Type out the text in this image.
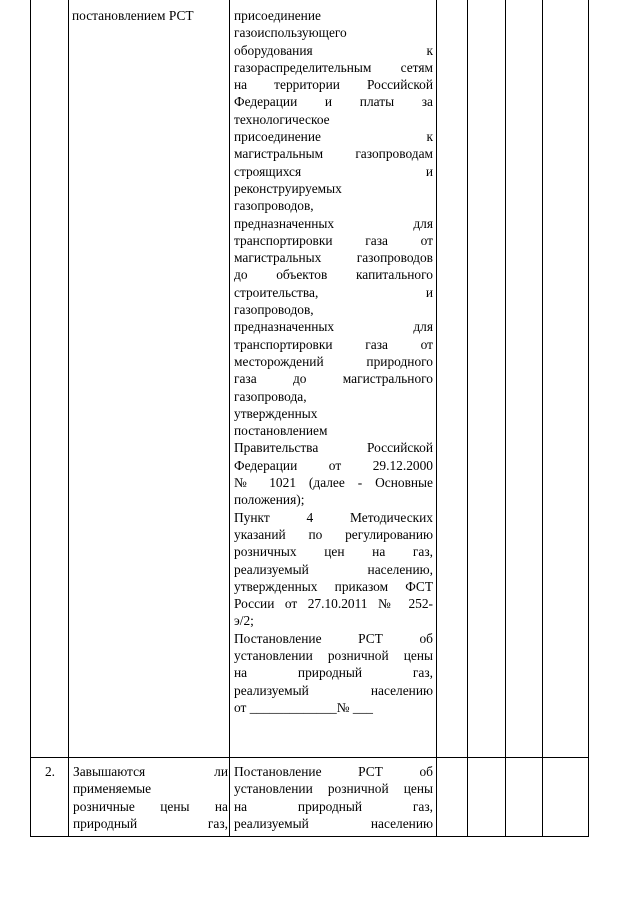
постановлением РСТ	присоединение
газоиспользующего
оборудования к
газораспределительным сетям
на территории Российской
Федерации и платы за
технологическое
присоединение к
магистральным газопроводам
строящихся и
реконструируемых
газопроводов,
предназначенных для
транспортировки газа от
магистральных газопроводов
до объектов капитального
строительства, и
газопроводов,
предназначенных для
транспортировки газа от
месторождений природного
газа до магистрального
газопровода,
утвержденных
постановлением
Правительства Российской
Федерации от 29.12.2000
№ 1021 (далее - Основные
положения);
Пункт 4 Методических
указаний по регулированию
розничных цен на газ,
реализуемый населению,
утвержденных приказом ФСТ
России от 27.10.2011 № 252-
э/2;
Постановление РСТ об
установлении розничной цены
на природный газ,
реализуемый населению
от _____________№ ___
2.	Завышаются ли
применяемые
розничные цены на
природный газ,
Постановление РСТ об
установлении розничной цены
на природный газ,
реализуемый населению
